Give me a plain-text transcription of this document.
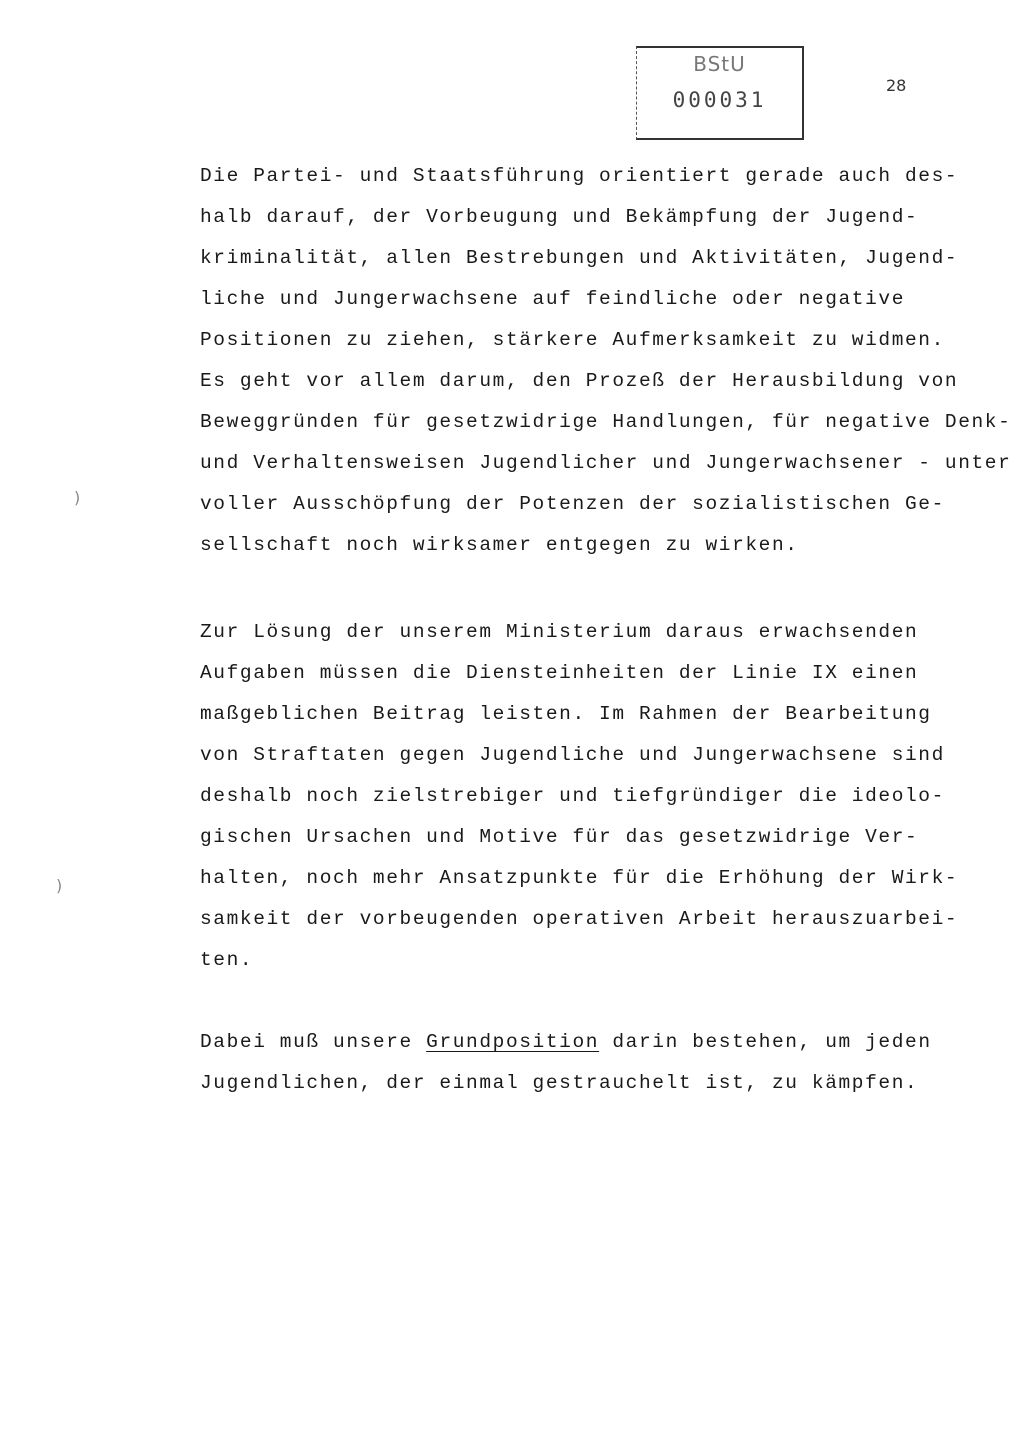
BStU
000031
28
)
)
Die Partei- und Staatsführung orientiert gerade auch des-
halb darauf, der Vorbeugung und Bekämpfung der Jugend-
kriminalität, allen Bestrebungen und Aktivitäten, Jugend-
liche und Jungerwachsene auf feindliche oder negative
Positionen zu ziehen, stärkere Aufmerksamkeit zu widmen.
Es geht vor allem darum, den Prozeß der Herausbildung von
Beweggründen für gesetzwidrige Handlungen, für negative Denk-
und Verhaltensweisen Jugendlicher und Jungerwachsener - unter
voller Ausschöpfung der Potenzen der sozialistischen Ge-
sellschaft noch wirksamer entgegen zu wirken.
Zur Lösung der unserem Ministerium daraus erwachsenden
Aufgaben müssen die Diensteinheiten der Linie IX einen
maßgeblichen Beitrag leisten. Im Rahmen der Bearbeitung
von Straftaten gegen Jugendliche und Jungerwachsene sind
deshalb noch zielstrebiger und tiefgründiger die ideolo-
gischen Ursachen und Motive für das gesetzwidrige Ver-
halten, noch mehr Ansatzpunkte für die Erhöhung der Wirk-
samkeit der vorbeugenden operativen Arbeit herauszuarbei-
ten.
Dabei muß unsere Grundposition darin bestehen, um jeden
Jugendlichen, der einmal gestrauchelt ist, zu kämpfen.
